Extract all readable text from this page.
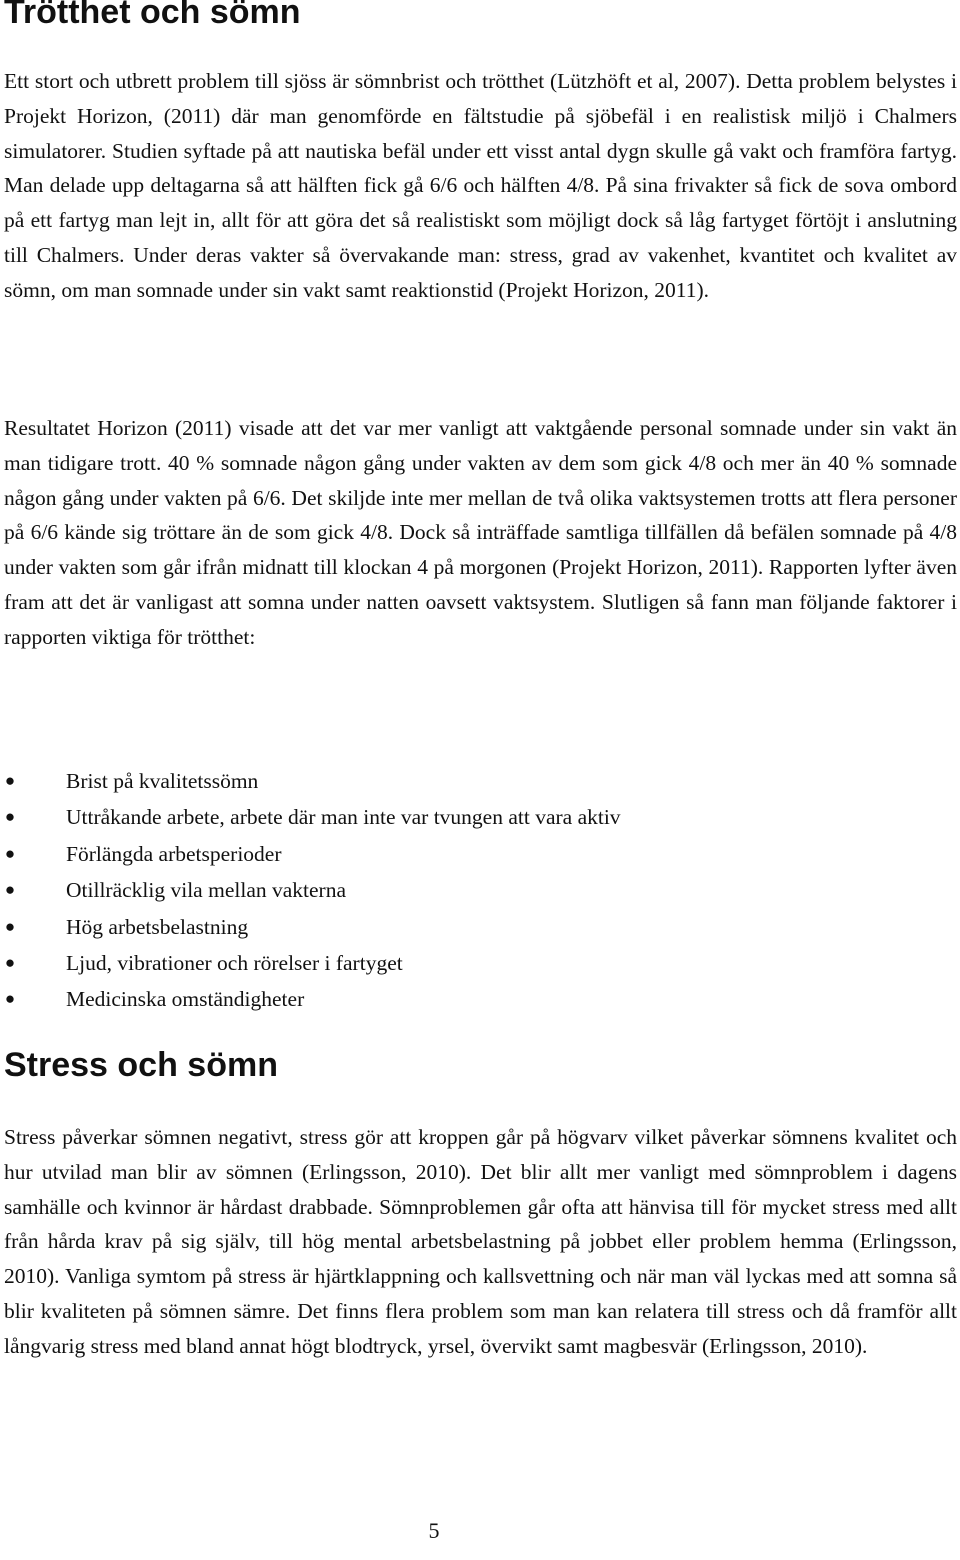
Trötthet och sömn

Ett stort och utbrett problem till sjöss är sömnbrist och trötthet (Lützhöft et al, 2007). Detta problem belystes i Projekt Horizon, (2011) där man genomförde en fältstudie på sjöbefäl i en realistisk miljö i Chalmers simulatorer. Studien syftade på att nautiska befäl under ett visst antal dygn skulle gå vakt och framföra fartyg. Man delade upp deltagarna så att hälften fick gå 6/6 och hälften 4/8. På sina frivakter så fick de sova ombord på ett fartyg man lejt in, allt för att göra det så realistiskt som möjligt dock så låg fartyget förtöjt i anslutning till Chalmers. Under deras vakter så övervakande man: stress, grad av vakenhet, kvantitet och kvalitet av sömn, om man somnade under sin vakt samt reaktionstid (Projekt Horizon, 2011).

Resultatet Horizon (2011) visade att det var mer vanligt att vaktgående personal somnade under sin vakt än man tidigare trott. 40 % somnade någon gång under vakten av dem som gick 4/8 och mer än 40 % somnade någon gång under vakten på 6/6. Det skiljde inte mer mellan de två olika vaktsystemen trotts att flera personer på 6/6 kände sig tröttare än de som gick 4/8. Dock så inträffade samtliga tillfällen då befälen somnade på 4/8 under vakten som går ifrån midnatt till klockan 4 på morgonen (Projekt Horizon, 2011). Rapporten lyfter även fram att det är vanligast att somna under natten oavsett vaktsystem. Slutligen så fann man följande faktorer i rapporten viktiga för trötthet:

● Brist på kvalitetssömn
● Uttråkande arbete, arbete där man inte var tvungen att vara aktiv
● Förlängda arbetsperioder
● Otillräcklig vila mellan vakterna
● Hög arbetsbelastning
● Ljud, vibrationer och rörelser i fartyget
● Medicinska omständigheter
Stress och sömn

Stress påverkar sömnen negativt, stress gör att kroppen går på högvarv vilket påverkar sömnens kvalitet och hur utvilad man blir av sömnen (Erlingsson, 2010). Det blir allt mer vanligt med sömnproblem i dagens samhälle och kvinnor är hårdast drabbade. Sömnproblemen går ofta att hänvisa till för mycket stress med allt från hårda krav på sig själv, till hög mental arbetsbelastning på jobbet eller problem hemma (Erlingsson, 2010). Vanliga symtom på stress är hjärtklappning och kallsvettning och när man väl lyckas med att somna så blir kvaliteten på sömnen sämre. Det finns flera problem som man kan relatera till stress och då framför allt långvarig stress med bland annat högt blodtryck, yrsel, övervikt samt magbesvär (Erlingsson, 2010).

5
